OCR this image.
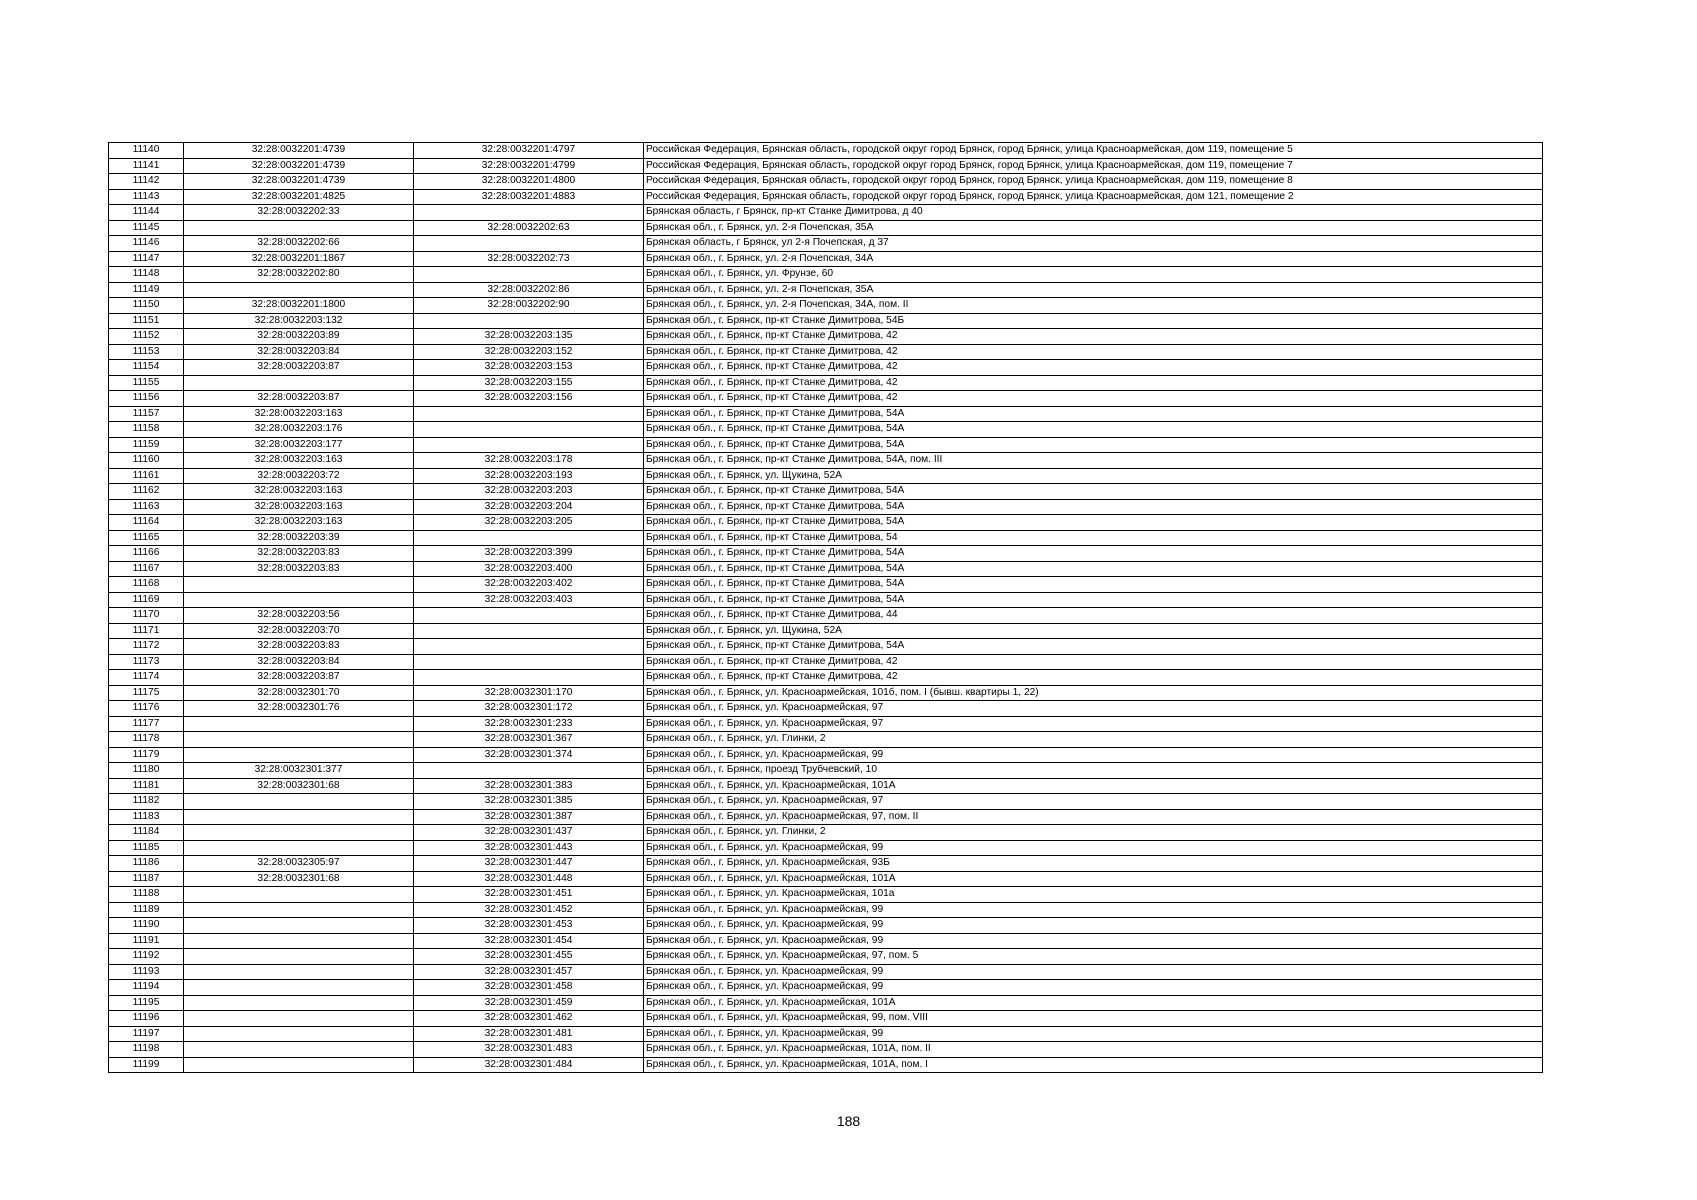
11140	32:28:0032201:4739	32:28:0032201:4797	Российская Федерация, Брянская область, городской округ город Брянск, город Брянск, улица Красноармейская, дом 119, помещение 5
11141	32:28:0032201:4739	32:28:0032201:4799	Российская Федерация, Брянская область, городской округ город Брянск, город Брянск, улица Красноармейская, дом 119, помещение 7
11142	32:28:0032201:4739	32:28:0032201:4800	Российская Федерация, Брянская область, городской округ город Брянск, город Брянск, улица Красноармейская, дом 119, помещение 8
11143	32:28:0032201:4825	32:28:0032201:4883	Российская Федерация, Брянская область, городской округ город Брянск, город Брянск, улица Красноармейская, дом 121, помещение 2
11144	32:28:0032202:33		Брянская область, г Брянск, пр-кт Станке Димитрова, д 40
11145		32:28:0032202:63	Брянская обл., г. Брянск, ул. 2-я Почепская, 35А
11146	32:28:0032202:66		Брянская область, г Брянск, ул 2-я Почепская, д 37
11147	32:28:0032201:1867	32:28:0032202:73	Брянская обл., г. Брянск, ул. 2-я Почепская, 34А
11148	32:28:0032202:80		Брянская обл., г. Брянск, ул. Фрунзе, 60
11149		32:28:0032202:86	Брянская обл., г. Брянск, ул. 2-я Почепская, 35А
11150	32:28:0032201:1800	32:28:0032202:90	Брянская обл., г. Брянск, ул. 2-я Почепская, 34А, пом. II
11151	32:28:0032203:132		Брянская обл., г. Брянск, пр-кт Станке Димитрова, 54Б
11152	32:28:0032203:89	32:28:0032203:135	Брянская обл., г. Брянск, пр-кт Станке Димитрова, 42
11153	32:28:0032203:84	32:28:0032203:152	Брянская обл., г. Брянск, пр-кт Станке Димитрова, 42
11154	32:28:0032203:87	32:28:0032203:153	Брянская обл., г. Брянск, пр-кт Станке Димитрова, 42
11155		32:28:0032203:155	Брянская обл., г. Брянск, пр-кт Станке Димитрова, 42
11156	32:28:0032203:87	32:28:0032203:156	Брянская обл., г. Брянск, пр-кт Станке Димитрова, 42
11157	32:28:0032203:163		Брянская обл., г. Брянск, пр-кт Станке Димитрова, 54А
11158	32:28:0032203:176		Брянская обл., г. Брянск, пр-кт Станке Димитрова, 54А
11159	32:28:0032203:177		Брянская обл., г. Брянск, пр-кт Станке Димитрова, 54А
11160	32:28:0032203:163	32:28:0032203:178	Брянская обл., г. Брянск, пр-кт Станке Димитрова, 54А, пом. III
11161	32:28:0032203:72	32:28:0032203:193	Брянская обл., г. Брянск, ул. Щукина, 52А
11162	32:28:0032203:163	32:28:0032203:203	Брянская обл., г. Брянск, пр-кт Станке Димитрова, 54А
11163	32:28:0032203:163	32:28:0032203:204	Брянская обл., г. Брянск, пр-кт Станке Димитрова, 54А
11164	32:28:0032203:163	32:28:0032203:205	Брянская обл., г. Брянск, пр-кт Станке Димитрова, 54А
11165	32:28:0032203:39		Брянская обл., г. Брянск, пр-кт Станке Димитрова, 54
11166	32:28:0032203:83	32:28:0032203:399	Брянская обл., г. Брянск, пр-кт Станке Димитрова, 54А
11167	32:28:0032203:83	32:28:0032203:400	Брянская обл., г. Брянск, пр-кт Станке Димитрова, 54А
11168		32:28:0032203:402	Брянская обл., г. Брянск, пр-кт Станке Димитрова, 54А
11169		32:28:0032203:403	Брянская обл., г. Брянск, пр-кт Станке Димитрова, 54А
11170	32:28:0032203:56		Брянская обл., г. Брянск, пр-кт Станке Димитрова, 44
11171	32:28:0032203:70		Брянская обл., г. Брянск, ул. Щукина, 52А
11172	32:28:0032203:83		Брянская обл., г. Брянск, пр-кт Станке Димитрова, 54А
11173	32:28:0032203:84		Брянская обл., г. Брянск, пр-кт Станке Димитрова, 42
11174	32:28:0032203:87		Брянская обл., г. Брянск, пр-кт Станке Димитрова, 42
11175	32:28:0032301:70	32:28:0032301:170	Брянская обл., г. Брянск, ул. Красноармейская, 101б, пом. I (бывш. квартиры 1, 22)
11176	32:28:0032301:76	32:28:0032301:172	Брянская обл., г. Брянск, ул. Красноармейская, 97
11177		32:28:0032301:233	Брянская обл., г. Брянск, ул. Красноармейская, 97
11178		32:28:0032301:367	Брянская обл., г. Брянск, ул. Глинки, 2
11179		32:28:0032301:374	Брянская обл., г. Брянск, ул. Красноармейская, 99
11180	32:28:0032301:377		Брянская обл., г. Брянск, проезд Трубчевский, 10
11181	32:28:0032301:68	32:28:0032301:383	Брянская обл., г. Брянск, ул. Красноармейская, 101А
11182		32:28:0032301:385	Брянская обл., г. Брянск, ул. Красноармейская, 97
11183		32:28:0032301:387	Брянская обл., г. Брянск, ул. Красноармейская, 97, пом. II
11184		32:28:0032301:437	Брянская обл., г. Брянск, ул. Глинки, 2
11185		32:28:0032301:443	Брянская обл., г. Брянск, ул. Красноармейская, 99
11186	32:28:0032305:97	32:28:0032301:447	Брянская обл., г. Брянск, ул. Красноармейская, 93Б
11187	32:28:0032301:68	32:28:0032301:448	Брянская обл., г. Брянск, ул. Красноармейская, 101А
11188		32:28:0032301:451	Брянская обл., г. Брянск, ул. Красноармейская, 101а
11189		32:28:0032301:452	Брянская обл., г. Брянск, ул. Красноармейская, 99
11190		32:28:0032301:453	Брянская обл., г. Брянск, ул. Красноармейская, 99
11191		32:28:0032301:454	Брянская обл., г. Брянск, ул. Красноармейская, 99
11192		32:28:0032301:455	Брянская обл., г. Брянск, ул. Красноармейская, 97, пом. 5
11193		32:28:0032301:457	Брянская обл., г. Брянск, ул. Красноармейская, 99
11194		32:28:0032301:458	Брянская обл., г. Брянск, ул. Красноармейская, 99
11195		32:28:0032301:459	Брянская обл., г. Брянск, ул. Красноармейская, 101А
11196		32:28:0032301:462	Брянская обл., г. Брянск, ул. Красноармейская, 99, пом. VIII
11197		32:28:0032301:481	Брянская обл., г. Брянск, ул. Красноармейская, 99
11198		32:28:0032301:483	Брянская обл., г. Брянск, ул. Красноармейская, 101А, пом. II
11199		32:28:0032301:484	Брянская обл., г. Брянск, ул. Красноармейская, 101А, пом. I
188
